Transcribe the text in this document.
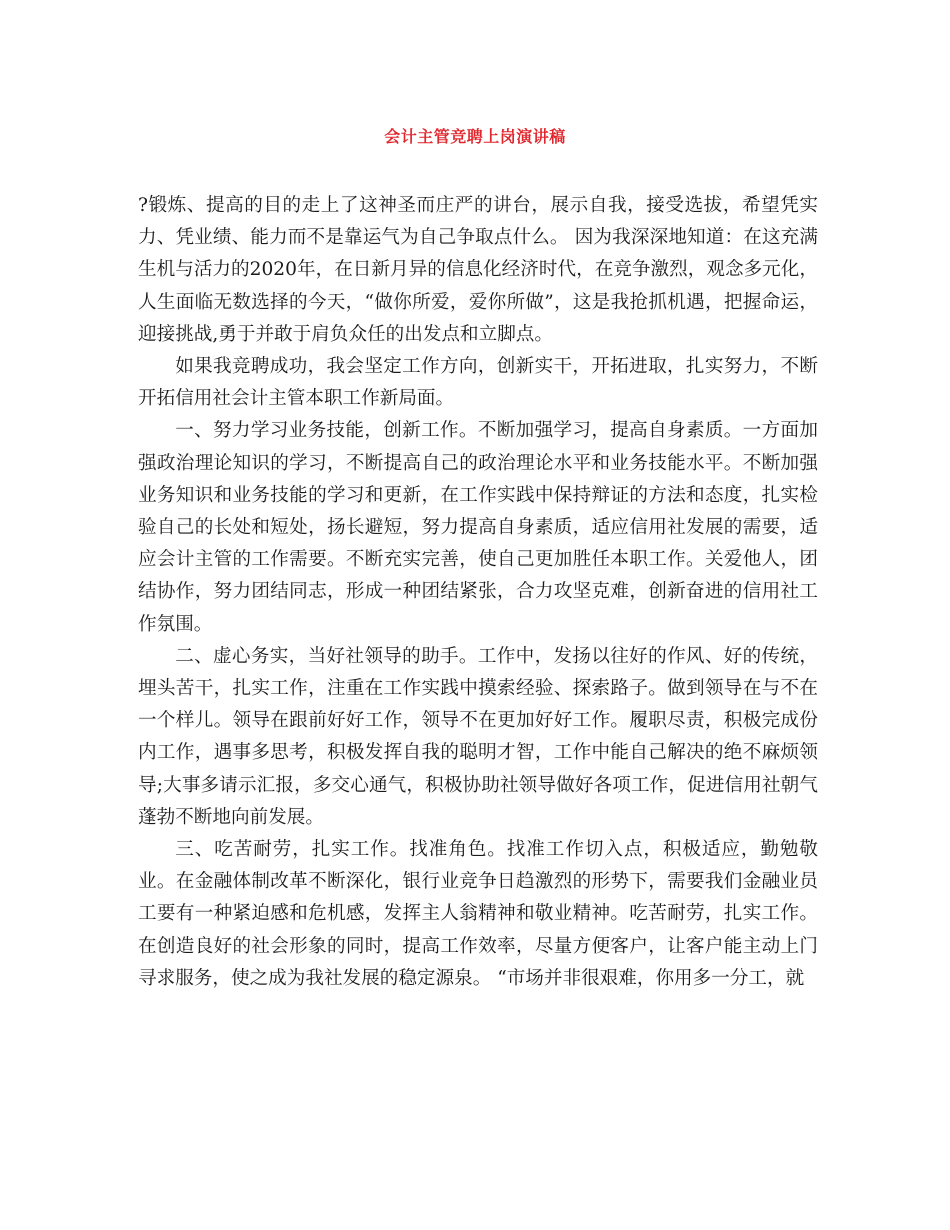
会计主管竞聘上岗演讲稿

?锻炼、提高的目的走上了这神圣而庄严的讲台，展示自我，接受选拔，希望凭实力、凭业绩、能力而不是靠运气为自己争取点什么。 因为我深深地知道：在这充满生机与活力的2020年，在日新月异的信息化经济时代，在竞争激烈，观念多元化，人生面临无数选择的今天，“做你所爱，爱你所做”，这是我抢抓机遇，把握命运，迎接挑战,勇于并敢于肩负众任的出发点和立脚点。

如果我竞聘成功，我会坚定工作方向，创新实干，开拓进取，扎实努力，不断开拓信用社会计主管本职工作新局面。

一、努力学习业务技能，创新工作。不断加强学习，提高自身素质。一方面加强政治理论知识的学习，不断提高自己的政治理论水平和业务技能水平。不断加强业务知识和业务技能的学习和更新，在工作实践中保持辩证的方法和态度，扎实检验自己的长处和短处，扬长避短，努力提高自身素质，适应信用社发展的需要，适应会计主管的工作需要。不断充实完善，使自己更加胜任本职工作。关爱他人，团结协作，努力团结同志，形成一种团结紧张，合力攻坚克难，创新奋进的信用社工作氛围。

二、虚心务实，当好社领导的助手。工作中，发扬以往好的作风、好的传统，埋头苦干，扎实工作，注重在工作实践中摸索经验、探索路子。做到领导在与不在一个样儿。领导在跟前好好工作，领导不在更加好好工作。履职尽责，积极完成份内工作，遇事多思考，积极发挥自我的聪明才智，工作中能自己解决的绝不麻烦领导;大事多请示汇报，多交心通气，积极协助社领导做好各项工作，促进信用社朝气蓬勃不断地向前发展。

三、吃苦耐劳，扎实工作。找准角色。找准工作切入点，积极适应，勤勉敬业。在金融体制改革不断深化，银行业竞争日趋激烈的形势下，需要我们金融业员工要有一种紧迫感和危机感，发挥主人翁精神和敬业精神。吃苦耐劳，扎实工作。 在创造良好的社会形象的同时，提高工作效率，尽量方便客户，让客户能主动上门寻求服务，使之成为我社发展的稳定源泉。 “市场并非很艰难，你用多一分工，就
